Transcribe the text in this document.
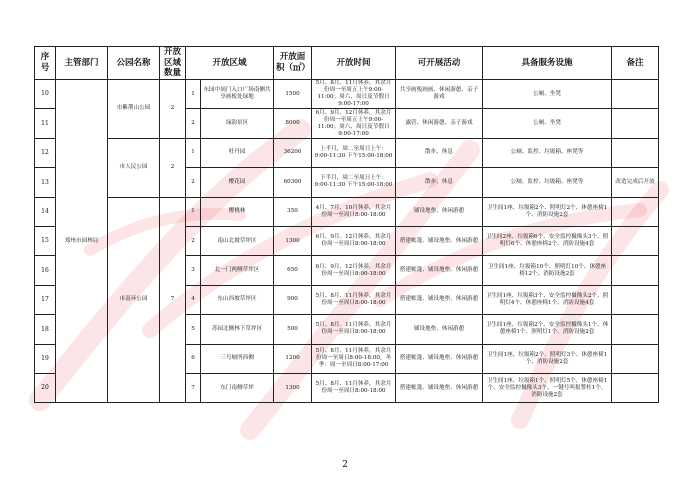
序号	主管部门	公园名称	开放区域数量	开放区域		开放面积（㎡）	开放时间	可开展活动	具备服务设施	备注
10	郑州市园林局	市紫荆山公园	2	1	东园中间门入口广场南侧共享画板处绿地	1500	5月、8月、11月休养，其余月份周一至周五上午9:00-11:00；周六、周日及节假日9:00-17:00	共享画板画画、休闲游憩、亲子游戏	公厕、坐凳	
11				2	绿韵景区	8000	6月、9月、12月休养，其余月份周一至周五上午9:00-11:00；周六、周日及节假日9:00-17:00	露营、休闲游憩、亲子游戏	公厕、坐凳	
12		市人民公园	2	1	牡丹园	36200	上半月，周二至周日上午：9:00-11:30 下午15:00-18:00	散步、休息	公厕、监控、垃圾箱、座凳等	
13				2	樱花园	60300	下半月，周二至周日上午：9:00-11:30 下午15:00-18:00	散步、休息	公厕、监控、垃圾箱、座凳等	改造完成后开放
14		市南环公园	7	1	樱桃林	350	4月、7月、10月休养，其余月份周一至周日8:00-18:00	铺设地垫、休闲游憩	卫生间1座、垃圾箱2个、照明灯2个、休憩座椅1个、消防设施2套	
15				2	南山北坡草坪区	1300	6月、9月、12月休养，其余月份周一至周日8:00-18:00	搭建帐篷、铺设地垫、休闲游憩	卫生间2座、垃圾箱6个、安全监控摄像头3个、照明灯6个、休憩座椅2个、消防设施4套	
16				3	北一门两侧草坪区	650	6月、9月、12月休养，其余月份周一至周日8:00-18:00	搭建帐篷、铺设地垫、休闲游憩	卫生间1座、垃圾箱10个、照明灯10个、休憩座椅12个、消防设施2套	
17				4	东山西坡草坪区	900	5月、8月、11月休养，其余月份周一至周日8:00-18:00	搭建帐篷、铺设地垫、休闲游憩	卫生间1座、垃圾箱3个、安全监控摄像头2个、照明灯4个、休憩座椅1个、消防设施4套	
18				5	苏园北侧林下草坪区	500	5月、8月、11月休养，其余月份周一至周日8:00-18:00	铺设地垫、休闲游憩	卫生间1座、垃圾箱2个、安全监控摄像头1个、休憩座椅1个、照明灯1个、消防设施2套	
19				6	三号厕所西侧	1200	5月、8月、11月休养，其余月份周一至周日8:00-18:00，冬季：周一至周日8:00-17:00	搭建帐篷、铺设地垫、休闲游憩	卫生间1座、垃圾箱2个、照明灯3个、休憩座椅1个、消防设施2套	
20				7	东门南侧草坪	1300	5月、8月、11月休养，其余月份周一至周日8:00-18:00	搭建帐篷、铺设地垫、休闲游憩	卫生间1座、垃圾箱1个、照明灯5个、休憩座椅1个、安全监控摄像头3个、一键号叫报警柱1个、消防设施2套	
2
